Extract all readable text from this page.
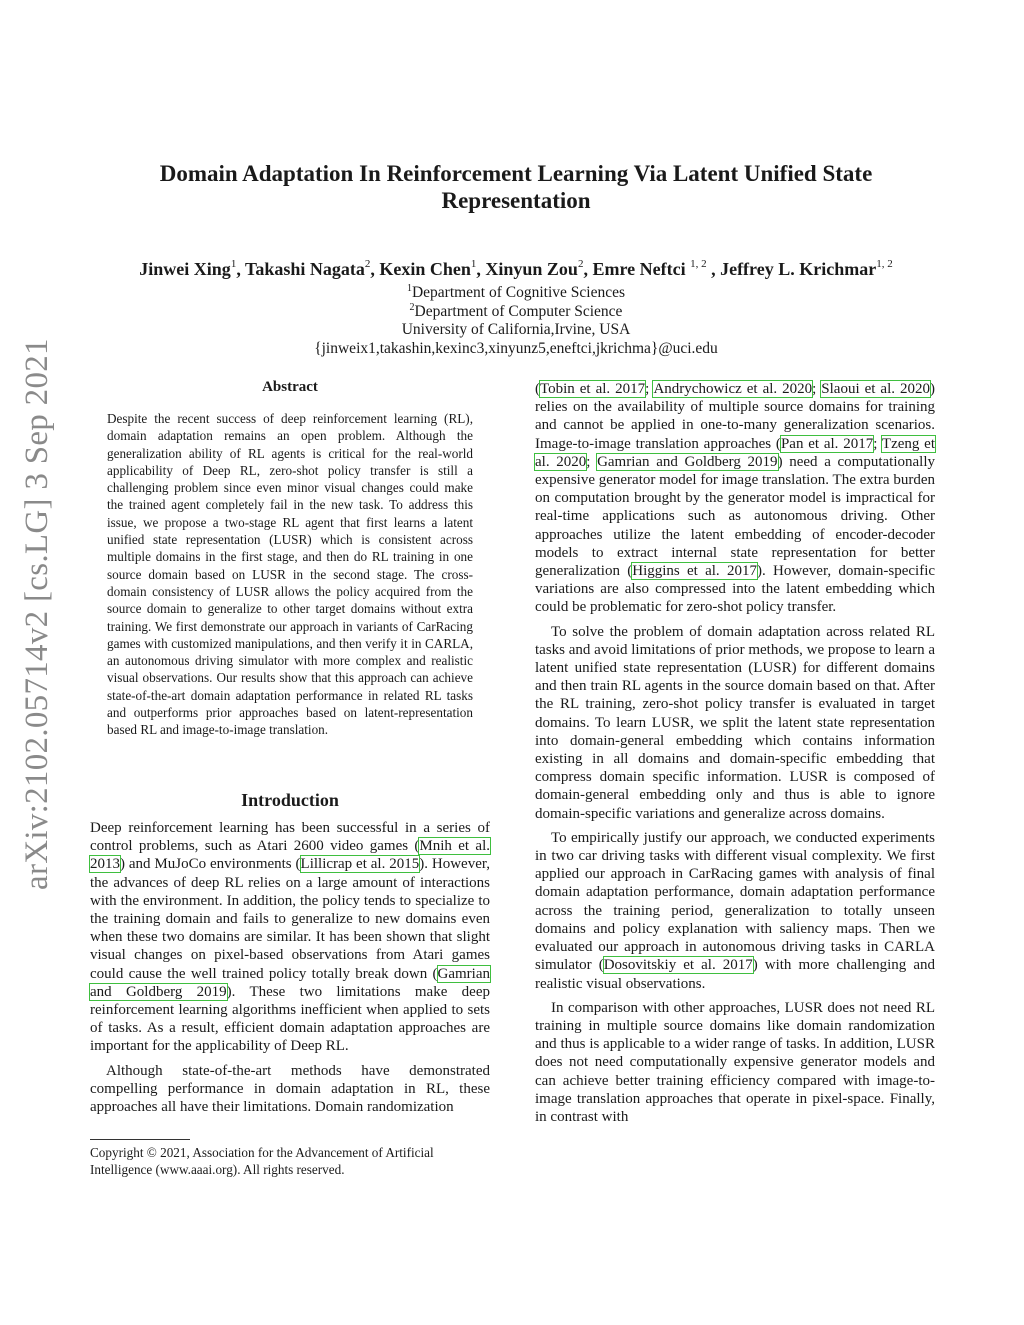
arXiv:2102.05714v2 [cs.LG] 3 Sep 2021
Domain Adaptation In Reinforcement Learning Via Latent Unified State
Representation
Jinwei Xing$^1$, Takashi Nagata$^2$, Kexin Chen$^1$, Xinyun Zou$^2$, Emre Neftci $^{1, 2}$ , Jeffrey L. Krichmar$^{1, 2}$
$^1$Department of Cognitive Sciences
$^2$Department of Computer Science
University of California,Irvine, USA
{jinweix1,takashin,kexinc3,xinyunz5,eneftci,jkrichma}@uci.edu
Abstract
Despite the recent success of deep reinforcement learning (RL), domain adaptation remains an open problem. Although the generalization ability of RL agents is critical for the real-world applicability of Deep RL, zero-shot policy transfer is still a challenging problem since even minor visual changes could make the trained agent completely fail in the new task. To address this issue, we propose a two-stage RL agent that first learns a latent unified state representation (LUSR) which is consistent across multiple domains in the first stage, and then do RL training in one source domain based on LUSR in the second stage. The cross-domain consistency of LUSR allows the policy acquired from the source domain to generalize to other target domains without extra training. We first demonstrate our approach in variants of CarRacing games with customized manipulations, and then verify it in CARLA, an autonomous driving simulator with more complex and realistic visual observations. Our results show that this approach can achieve state-of-the-art domain adaptation performance in related RL tasks and outperforms prior approaches based on latent-representation based RL and image-to-image translation.
Introduction

Deep reinforcement learning has been successful in a series of control problems, such as Atari 2600 video games (Mnih et al. 2013) and MuJoCo environments (Lillicrap et al. 2015). However, the advances of deep RL relies on a large amount of interactions with the environment. In addition, the policy tends to specialize to the training domain and fails to generalize to new domains even when these two domains are similar. It has been shown that slight visual changes on pixel-based observations from Atari games could cause the well trained policy totally break down (Gamrian and Goldberg 2019). These two limitations make deep reinforcement learning algorithms inefficient when applied to sets of tasks. As a result, efficient domain adaptation approaches are important for the applicability of Deep RL.

Although state-of-the-art methods have demonstrated compelling performance in domain adaptation in RL, these approaches all have their limitations. Domain randomization

(Tobin et al. 2017; Andrychowicz et al. 2020; Slaoui et al. 2020) relies on the availability of multiple source domains for training and cannot be applied in one-to-many generalization scenarios. Image-to-image translation approaches (Pan et al. 2017; Tzeng et al. 2020; Gamrian and Goldberg 2019) need a computationally expensive generator model for image translation. The extra burden on computation brought by the generator model is impractical for real-time applications such as autonomous driving. Other approaches utilize the latent embedding of encoder-decoder models to extract internal state representation for better generalization (Higgins et al. 2017). However, domain-specific variations are also compressed into the latent embedding which could be problematic for zero-shot policy transfer.

To solve the problem of domain adaptation across related RL tasks and avoid limitations of prior methods, we propose to learn a latent unified state representation (LUSR) for different domains and then train RL agents in the source domain based on that. After the RL training, zero-shot policy transfer is evaluated in target domains. To learn LUSR, we split the latent state representation into domain-general embedding which contains information existing in all domains and domain-specific embedding that compress domain specific information. LUSR is composed of domain-general embedding only and thus is able to ignore domain-specific variations and generalize across domains.

To empirically justify our approach, we conducted experiments in two car driving tasks with different visual complexity. We first applied our approach in CarRacing games with analysis of final domain adaptation performance, domain adaptation performance across the training period, generalization to totally unseen domains and policy explanation with saliency maps. Then we evaluated our approach in autonomous driving tasks in CARLA simulator (Dosovitskiy et al. 2017) with more challenging and realistic visual observations.

In comparison with other approaches, LUSR does not need RL training in multiple source domains like domain randomization and thus is applicable to a wider range of tasks. In addition, LUSR does not need computationally expensive generator models and can achieve better training efficiency compared with image-to-image translation approaches that operate in pixel-space. Finally, in contrast with

Copyright © 2021, Association for the Advancement of Artificial Intelligence (www.aaai.org). All rights reserved.
